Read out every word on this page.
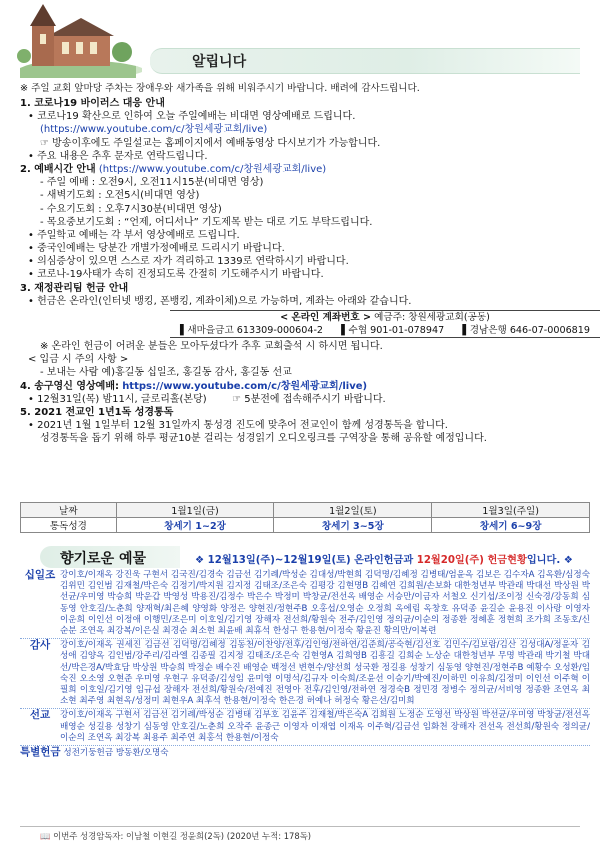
알립니다
※ 주일 교회 앞마당 주차는 장애우와 새가족을 위해 비워주시기 바랍니다. 배려에 감사드립니다.
1. 코로나19 바이러스 대응 안내
• 코로나19 확산으로 인하여 오늘 주일예배는 비대면 영상예배로 드립니다.
(https://www.youtube.com/c/창원세광교회/live)
☞ 방송이후에도 주일설교는 홈페이지에서 예배동영상 다시보기가 가능합니다.
• 주요 내용은 추후 문자로 연락드립니다.
2. 예배시간 안내 (https://www.youtube.com/c/창원세광교회/live)
- 주일 예배 : 오전9시, 오전11시15분(비대면 영상)
- 새벽기도회 : 오전5시(비대면 영상)
- 수요기도회 : 오후7시30분(비대면 영상)
- 목요중보기도회 : “언제, 어디서나” 기도제목 받는 대로 기도 부탁드립니다.
• 주일학교 예배는 각 부서 영상예배로 드립니다.
• 중국인예배는 당분간 개별가정예배로 드리시기 바랍니다.
• 의심증상이 있으면 스스로 자가 격리하고 1339로 연락하시기 바랍니다.
• 코로나-19사태가 속히 진정되도록 간절히 기도해주시기 바랍니다.
3. 재정관리팀 헌금 안내
• 헌금은 온라인(인터넷 뱅킹, 폰뱅킹, 계좌이체)으로 가능하며, 계좌는 아래와 같습니다.
< 온라인 계좌번호 > 예금주: 창원세광교회(공동)
▌새마을금고 613309-000604-2 ▌수협 901-01-078947 ▌경남은행 646-07-0006819
※ 온라인 헌금이 어려운 분들은 모아두셨다가 추후 교회출석 시 하시면 됩니다.
< 입금 시 주의 사항 >
- 보내는 사람 예)홍길동 십일조, 홍길동 감사, 홍길동 선교
4. 송구영신 영상예배: https://www.youtube.com/c/창원세광교회/live)
• 12월31일(목) 밤11시, 글로리홀(본당)	☞ 5분전에 접속해주시기 바랍니다.
5. 2021 전교인 1년1독 성경통독
• 2021년 1월 1일부터 12월 31일까지 통성경 진도에 맞추어 전교인이 함께 성경통독을 합니다.
성경통독을 돕기 위해 하루 평균10분 걸리는 성경읽기 오디오링크를 구역장을 통해 공유할 예정입니다.
날짜	1월1일(금)	1월2일(토)	1월3일(주일)
통독성경	창세기 1~2장	창세기 3~5장	창세기 6~9장
향기로운 예물	❖ 12월13일(주)~12월19일(토) 온라인헌금과 12월20일(주) 헌금현황입니다. ❖
십일조 강이호/이재옥 강진욱 구현서 김국진/김경숙 김금선 김기례/박성순 김대성/박현희 김덕명/김혜정 김병태/엄윤옥 김보은 김수자A 김옥환/심정숙 김위민 김인범 김재철/박은숙 김정기/박지원 김지정 김태조/조은숙 김평강 김현명B 김혜연 김희원/손보화 대한청년부 박관래 박대선 박상원 박선균/우미영 박승희 박운갑 박영성 박용진/김정수 박은수 박정미 박창균/전선옥 배영순 서승만/이금자 서철오 신기섭/조이정 신숙경/강동희 심동영 안호길/노춘희 양재혁/최은혜 양영화 양정은 양현진/정현주B 오홍섭/오영순 오정희 옥에림 옥창호 유덕종 윤길순 윤용진 이사랑 이영자 이운희 이인선 이정애 이행민/조은미 이호일/김기영 장해자 전선희/황원숙 전주/김인영 정의균/이순의 정종환 정혜훈 정현희 조가희 조동호/신순분 조연옥 최강복/이은실 최경순 최소현 최윤배 최휴석 한성구 한용현/이정숙 황윤진 황의만/이복련
감사	강이호/이재옥 권세진 김금선 김덕명/김혜정 김동천/이찬양/전후/김인영/전하연/김준희/공숙현/김선호 김민수/김보람/김산 김성대A/정윤자 김성애 김양옥 김인범/강주리/김라엘 김종필 김지정 김태조/조은숙 김현영A 김희영B 김흥길 김희순 노상순 대한청년부 무명 박관래 박기철 박대선/박은경A/박효담 박상원 박승희 박정순 배수진 배영순 백정선 변현수/양선희 성국환 정길용 성창기 심동영 양현진/정현주B 예황수 오성환/임숙진 오소영 오현준 우미영 우현구 유덕종/김성임 윤미영 이명석/김규자 이숙희/조윤선 이승기/박예진/이하민 이유희/김정미 이인선 이주혁 이필희 이호일/김기영 임규섭 장해자 전선희/황원숙/전예진 전영아 전후/김인영/전하연 정경숙B 정민경 정병수 정의균/서비영 정종환 조연옥 최소현 최주영 최현옥/성정미 최현우A 최후석 한용현/이정숙 한은경 허예나 허정숙 황은선/김미희
선교	강이호/이재옥 구현서 김금선 김기례/박성순 김병태 김부호 김윤주 김재철/박은숙A 김희원 노정순 도영선 박상원 박선균/우미영 박창균/전선옥 배영순 성길용 성창기 심동영 안호길/노춘희 오작주 윤종근 이영자 이재엽 이재옥 이주혁/김금선 임화천 장해자 전선옥 전선희/황원숙 정의균/이순의 조연옥 최강복 최용주 최주연 최홍석 한용현/이정숙
특별헌금 성전기둥헌금 방동환/오명숙
📖 이번주 성경암독자: 이남철 이현길 정윤희(2독) (2020년 누적: 178독)
